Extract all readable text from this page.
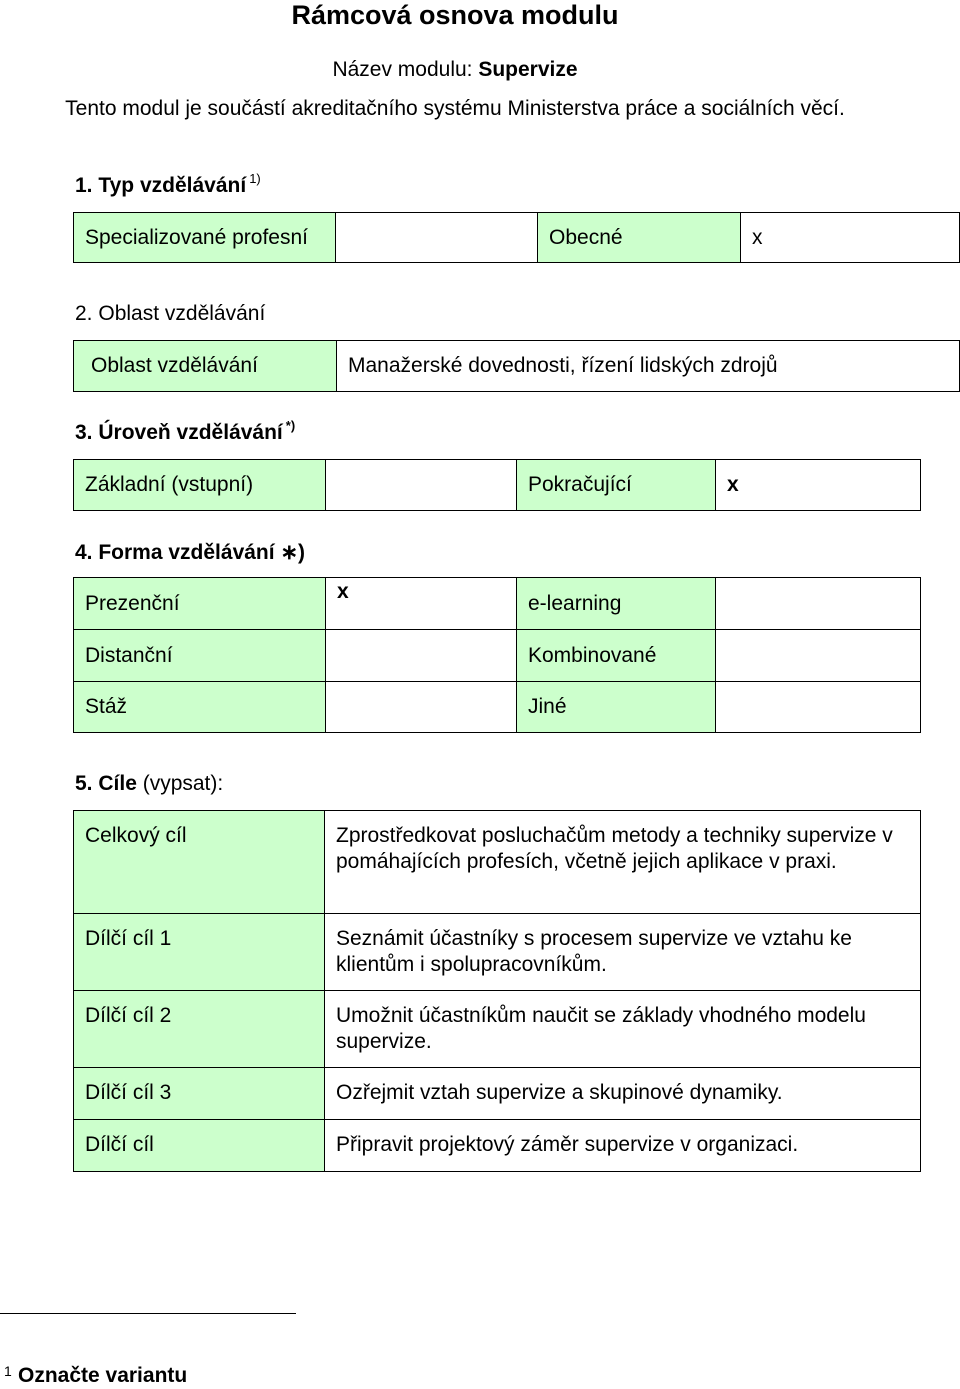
Rámcová osnova modulu
Název modulu: Supervize
Tento modul je součástí akreditačního systému Ministerstva práce a sociálních věcí.
1. Typ vzdělávání $^{1)}$
Specializované profesní		Obecné	x
2. Oblast vzdělávání
Oblast vzdělávání	Manažerské dovednosti, řízení lidských zdrojů
3. Úroveň vzdělávání *)
Základní (vstupní)		Pokračující	x
4. Forma vzdělávání ∗)
Prezenční	x	e-learning	
Distanční		Kombinované	
Stáž		Jiné	
5. Cíle (vypsat):
Celkový cíl	Zprostředkovat posluchačům metody a techniky supervize v pomáhajících profesích, včetně jejich aplikace v praxi.
Dílčí cíl 1	Seznámit účastníky s procesem supervize ve vztahu ke klientům i spolupracovníkům.
Dílčí cíl 2	Umožnit účastníkům naučit se základy vhodného modelu supervize.
Dílčí cíl 3	Ozřejmit vztah supervize a skupinové dynamiky.
Dílčí cíl	Připravit projektový záměr supervize v organizaci.
1 Označte variantu
